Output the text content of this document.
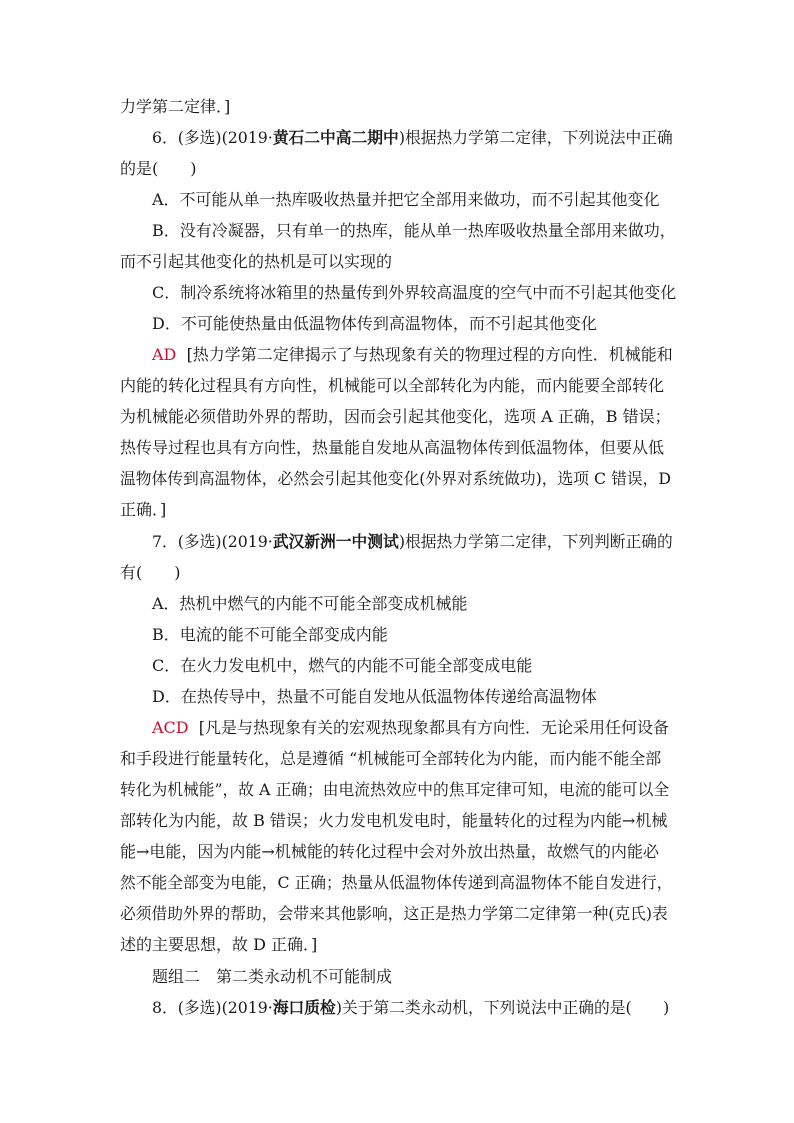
力学第二定律．]
6．(多选)(2019·黄石二中高二期中)根据热力学第二定律，下列说法中正确
的是(　　)
A．不可能从单一热库吸收热量并把它全部用来做功，而不引起其他变化
B．没有冷凝器，只有单一的热库，能从单一热库吸收热量全部用来做功，
而不引起其他变化的热机是可以实现的
C．制冷系统将冰箱里的热量传到外界较高温度的空气中而不引起其他变化
D．不可能使热量由低温物体传到高温物体，而不引起其他变化
AD [热力学第二定律揭示了与热现象有关的物理过程的方向性．机械能和
内能的转化过程具有方向性，机械能可以全部转化为内能，而内能要全部转化
为机械能必须借助外界的帮助，因而会引起其他变化，选项 A 正确，B 错误；
热传导过程也具有方向性，热量能自发地从高温物体传到低温物体，但要从低
温物体传到高温物体，必然会引起其他变化(外界对系统做功)，选项 C 错误，D
正确．]
7．(多选)(2019·武汉新洲一中测试)根据热力学第二定律，下列判断正确的
有(　　)
A．热机中燃气的内能不可能全部变成机械能
B．电流的能不可能全部变成内能
C．在火力发电机中，燃气的内能不可能全部变成电能
D．在热传导中，热量不可能自发地从低温物体传递给高温物体
ACD [凡是与热现象有关的宏观热现象都具有方向性．无论采用任何设备
和手段进行能量转化，总是遵循 “机械能可全部转化为内能，而内能不能全部
转化为机械能”，故 A 正确；由电流热效应中的焦耳定律可知，电流的能可以全
部转化为内能，故 B 错误；火力发电机发电时，能量转化的过程为内能→机械
能→电能，因为内能→机械能的转化过程中会对外放出热量，故燃气的内能必
然不能全部变为电能，C 正确；热量从低温物体传递到高温物体不能自发进行，
必须借助外界的帮助，会带来其他影响，这正是热力学第二定律第一种(克氏)表
述的主要思想，故 D 正确．]
题组二　第二类永动机不可能制成
8．(多选)(2019·海口质检)关于第二类永动机，下列说法中正确的是(　　)
